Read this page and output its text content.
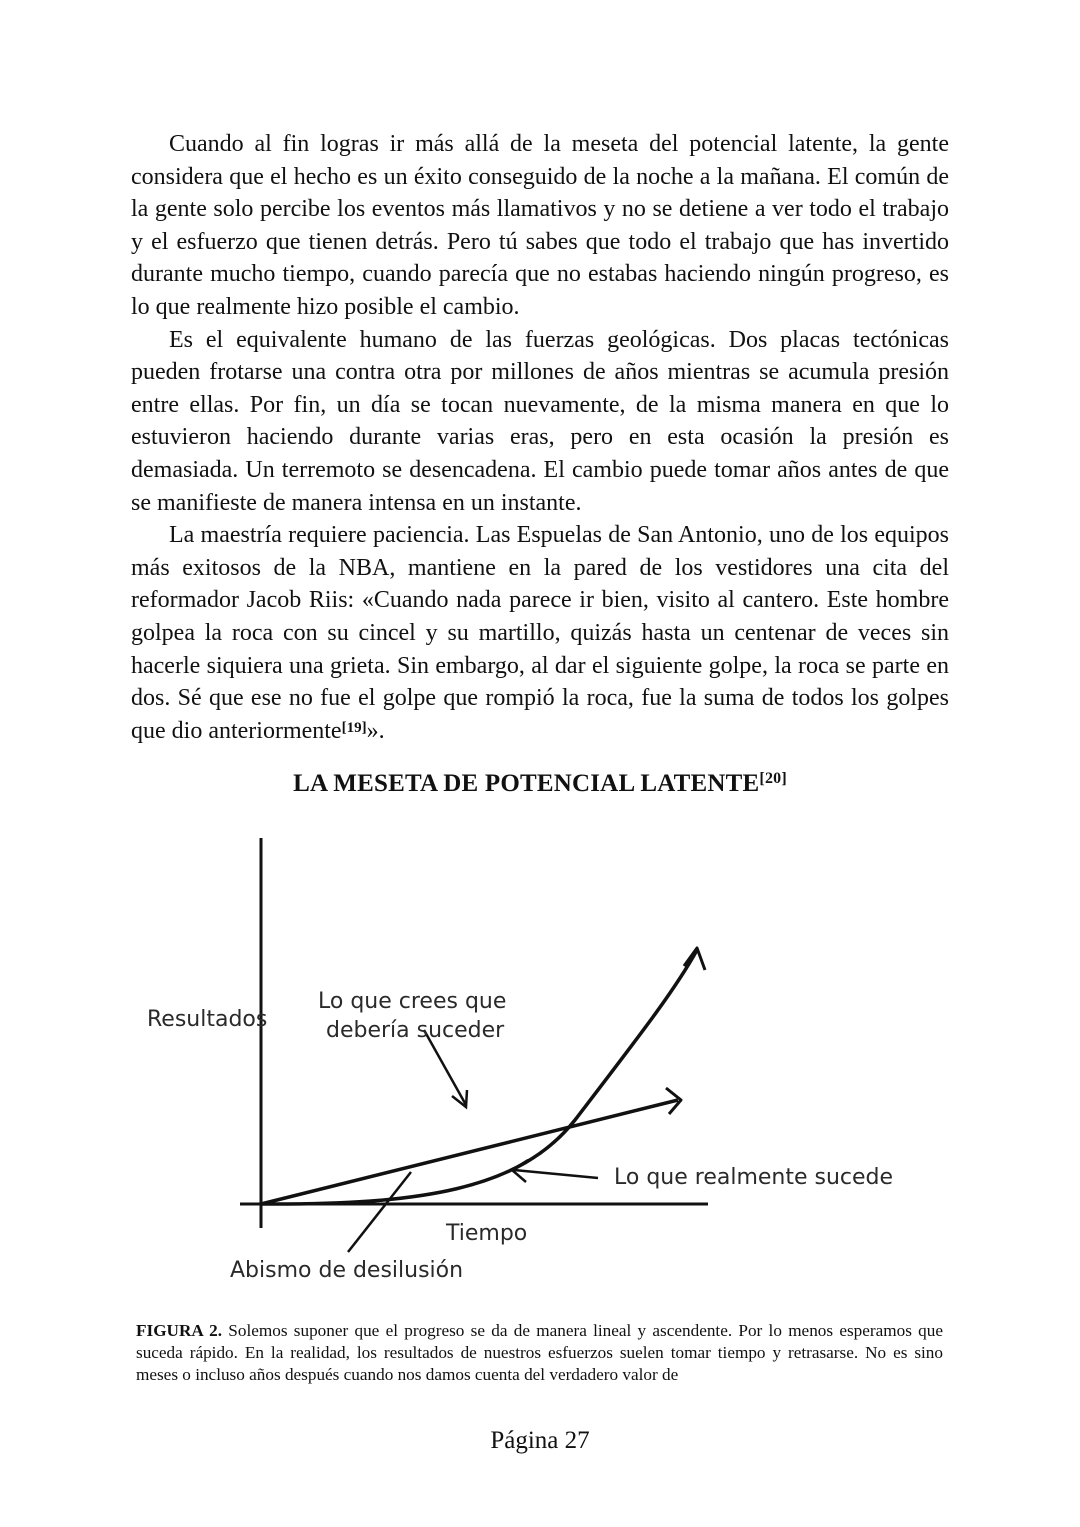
Cuando al fin logras ir más allá de la meseta del potencial latente, la gente considera que el hecho es un éxito conseguido de la noche a la mañana. El común de la gente solo percibe los eventos más llamativos y no se detiene a ver todo el trabajo y el esfuerzo que tienen detrás. Pero tú sabes que todo el trabajo que has invertido durante mucho tiempo, cuando parecía que no estabas haciendo ningún progreso, es lo que realmente hizo posible el cambio.

Es el equivalente humano de las fuerzas geológicas. Dos placas tectónicas pueden frotarse una contra otra por millones de años mientras se acumula presión entre ellas. Por fin, un día se tocan nuevamente, de la misma manera en que lo estuvieron haciendo durante varias eras, pero en esta ocasión la presión es demasiada. Un terremoto se desencadena. El cambio puede tomar años antes de que se manifieste de manera intensa en un instante.

La maestría requiere paciencia. Las Espuelas de San Antonio, uno de los equipos más exitosos de la NBA, mantiene en la pared de los vestidores una cita del reformador Jacob Riis: «Cuando nada parece ir bien, visito al cantero. Este hombre golpea la roca con su cincel y su martillo, quizás hasta un centenar de veces sin hacerle siquiera una grieta. Sin embargo, al dar el siguiente golpe, la roca se parte en dos. Sé que ese no fue el golpe que rompió la roca, fue la suma de todos los golpes que dio anteriormente[19]».

LA MESETA DE POTENCIAL LATENTE[20]
Resultados
Tiempo
Lo que crees que
debería suceder
Lo que realmente sucede
Abismo de desilusión
FIGURA 2. Solemos suponer que el progreso se da de manera lineal y ascendente. Por lo menos esperamos que suceda rápido. En la realidad, los resultados de nuestros esfuerzos suelen tomar tiempo y retrasarse. No es sino meses o incluso años después cuando nos damos cuenta del verdadero valor de
Página 27
